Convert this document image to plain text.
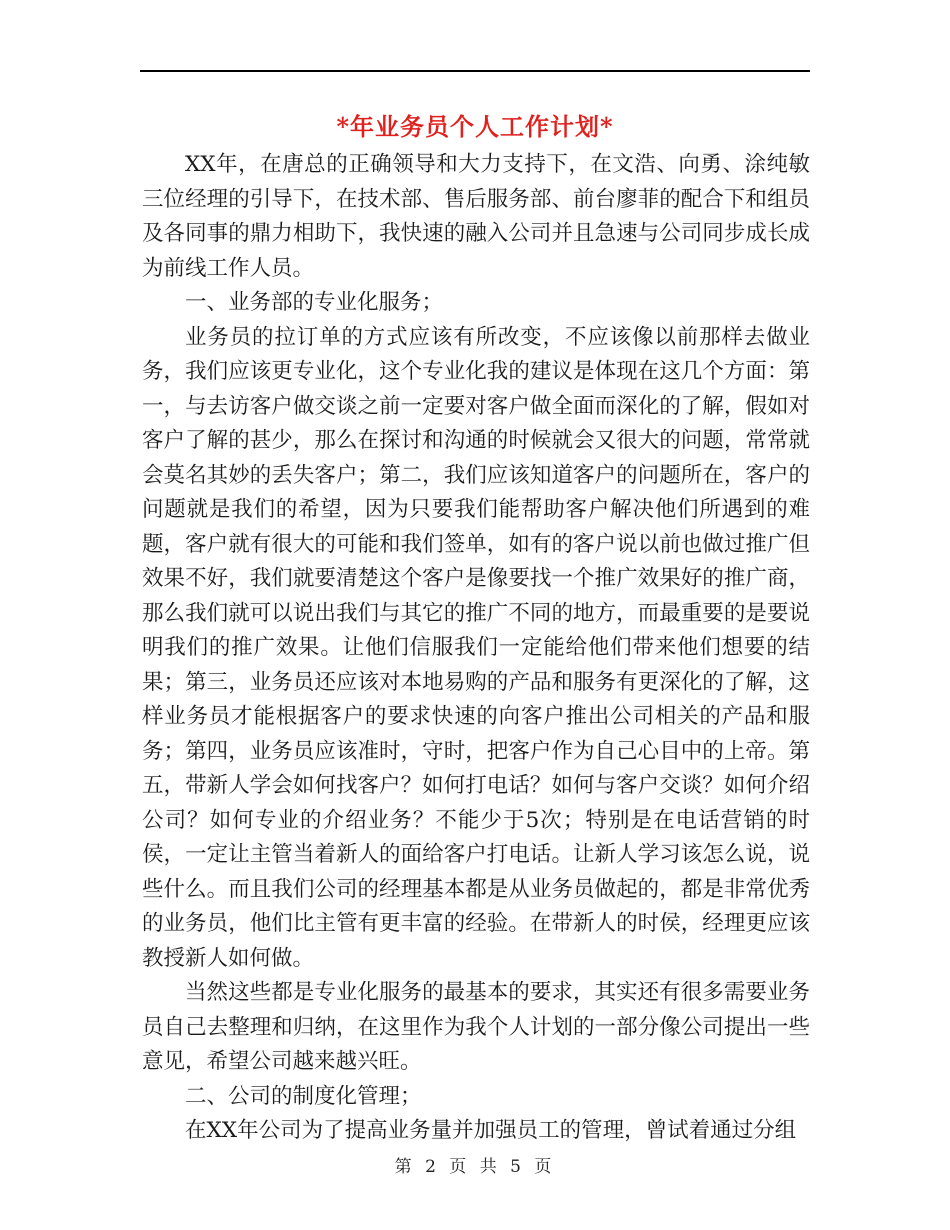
*年业务员个人工作计划*

XX年，在唐总的正确领导和大力支持下，在文浩、向勇、涂纯敏三位经理的引导下，在技术部、售后服务部、前台廖菲的配合下和组员及各同事的鼎力相助下，我快速的融入公司并且急速与公司同步成长成为前线工作人员。

一、业务部的专业化服务；

业务员的拉订单的方式应该有所改变，不应该像以前那样去做业务，我们应该更专业化，这个专业化我的建议是体现在这几个方面：第一，与去访客户做交谈之前一定要对客户做全面而深化的了解，假如对客户了解的甚少，那么在探讨和沟通的时候就会又很大的问题，常常就会莫名其妙的丢失客户；第二，我们应该知道客户的问题所在，客户的问题就是我们的希望，因为只要我们能帮助客户解决他们所遇到的难题，客户就有很大的可能和我们签单，如有的客户说以前也做过推广但效果不好，我们就要清楚这个客户是像要找一个推广效果好的推广商，那么我们就可以说出我们与其它的推广不同的地方，而最重要的是要说明我们的推广效果。让他们信服我们一定能给他们带来他们想要的结果；第三，业务员还应该对本地易购的产品和服务有更深化的了解，这样业务员才能根据客户的要求快速的向客户推出公司相关的产品和服务；第四，业务员应该准时，守时，把客户作为自己心目中的上帝。第五，带新人学会如何找客户？如何打电话？如何与客户交谈？如何介绍公司？如何专业的介绍业务？不能少于5次；特别是在电话营销的时侯，一定让主管当着新人的面给客户打电话。让新人学习该怎么说，说些什么。而且我们公司的经理基本都是从业务员做起的，都是非常优秀的业务员，他们比主管有更丰富的经验。在带新人的时侯，经理更应该教授新人如何做。

当然这些都是专业化服务的最基本的要求，其实还有很多需要业务员自己去整理和归纳，在这里作为我个人计划的一部分像公司提出一些意见，希望公司越来越兴旺。

二、公司的制度化管理；

在XX年公司为了提高业务量并加强员工的管理，曾试着通过分组

第 2 页 共 5 页
